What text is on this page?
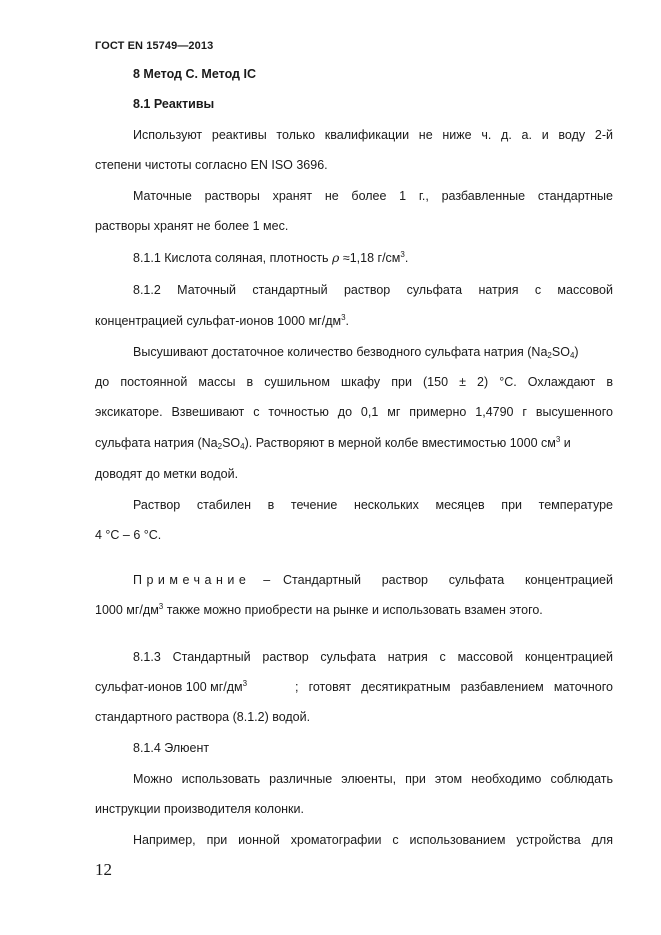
ГОСТ EN 15749—2013
8 Метод С. Метод IC
8.1 Реактивы
Используют реактивы только квалификации не ниже ч. д. а. и воду 2-й
степени чистоты согласно EN ISO 3696.
Маточные растворы хранят не более 1 г., разбавленные стандартные
растворы хранят не более 1 мес.
8.1.1 Кислота соляная, плотность ρ ≈1,18 $г/см^3$.
8.1.2 Маточный стандартный раствор сульфата натрия с массовой
концентрацией сульфат-ионов 1000 $мг/дм^3$.
Высушивают достаточное количество безводного сульфата натрия $(Na_2SO_4)$
до постоянной массы в сушильном шкафу при (150 ± 2) °С. Охлаждают в
эксикаторе. Взвешивают с точностью до 0,1 мг примерно 1,4790 г высушенного
сульфата натрия $(Na_2SO_4)$. Растворяют в мерной колбе вместимостью 1000 $см^3$ и
доводят до метки водой.
Раствор стабилен в течение нескольких месяцев при температуре
4 °С – 6 °С.
Примечание – Стандартный раствор сульфата концентрацией
1000 $мг/дм^3$ также можно приобрести на рынке и использовать взамен этого.
8.1.3 Стандартный раствор сульфата натрия с массовой концентрацией
сульфат-ионов 100 $мг/дм^3$	; готовят десятикратным разбавлением маточного
стандартного раствора (8.1.2) водой.
8.1.4 Элюент
Можно использовать различные элюенты, при этом необходимо соблюдать
инструкции производителя колонки.
Например, при ионной хроматографии с использованием устройства для
12
